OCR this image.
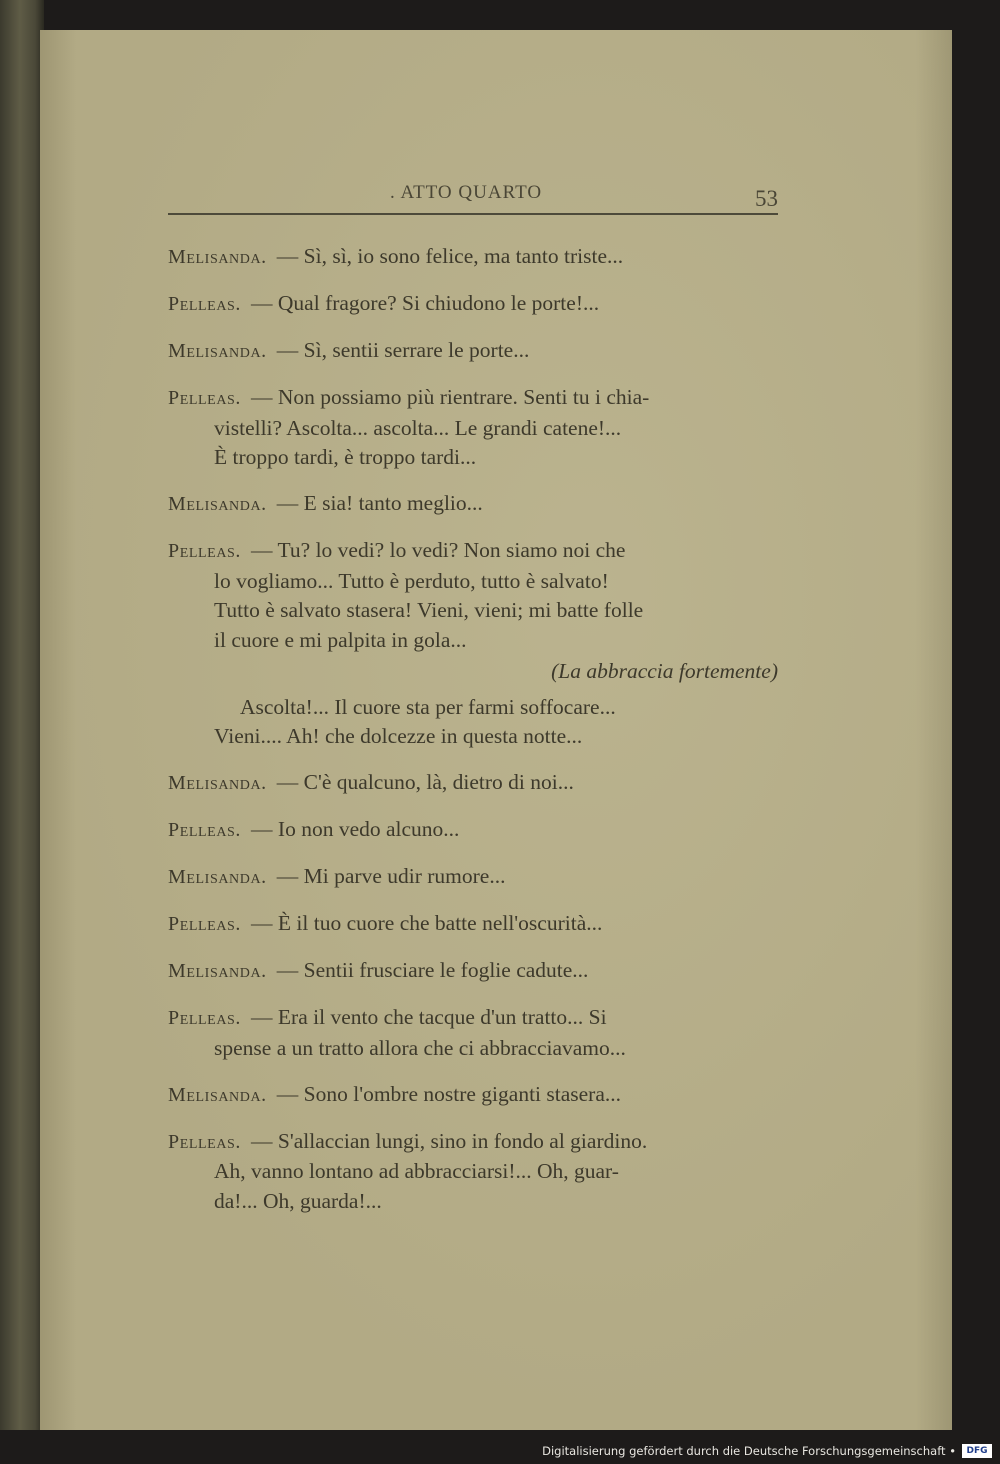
. ATTO QUARTO	53
Melisanda. — Sì, sì, io sono felice, ma tanto triste...
Pelleas. — Qual fragore? Si chiudono le porte!...
Melisanda. — Sì, sentii serrare le porte...
Pelleas. — Non possiamo più rientrare. Senti tu i chia-
vistelli? Ascolta... ascolta... Le grandi catene!...
È troppo tardi, è troppo tardi...
Melisanda. — E sia! tanto meglio...
Pelleas. — Tu? lo vedi? lo vedi? Non siamo noi che
lo vogliamo... Tutto è perduto, tutto è salvato!
Tutto è salvato stasera! Vieni, vieni; mi batte folle
il cuore e mi palpita in gola...
(La abbraccia fortemente)
Ascolta!... Il cuore sta per farmi soffocare...
Vieni.... Ah! che dolcezze in questa notte...
Melisanda. — C'è qualcuno, là, dietro di noi...
Pelleas. — Io non vedo alcuno...
Melisanda. — Mi parve udir rumore...
Pelleas. — È il tuo cuore che batte nell'oscurità...
Melisanda. — Sentii frusciare le foglie cadute...
Pelleas. — Era il vento che tacque d'un tratto... Si
spense a un tratto allora che ci abbracciavamo...
Melisanda. — Sono l'ombre nostre giganti stasera...
Pelleas. — S'allaccian lungi, sino in fondo al giardino.
Ah, vanno lontano ad abbracciarsi!... Oh, guar-
da!... Oh, guarda!...
Digitalisierung gefördert durch die Deutsche Forschungsgemeinschaft •	DFG
